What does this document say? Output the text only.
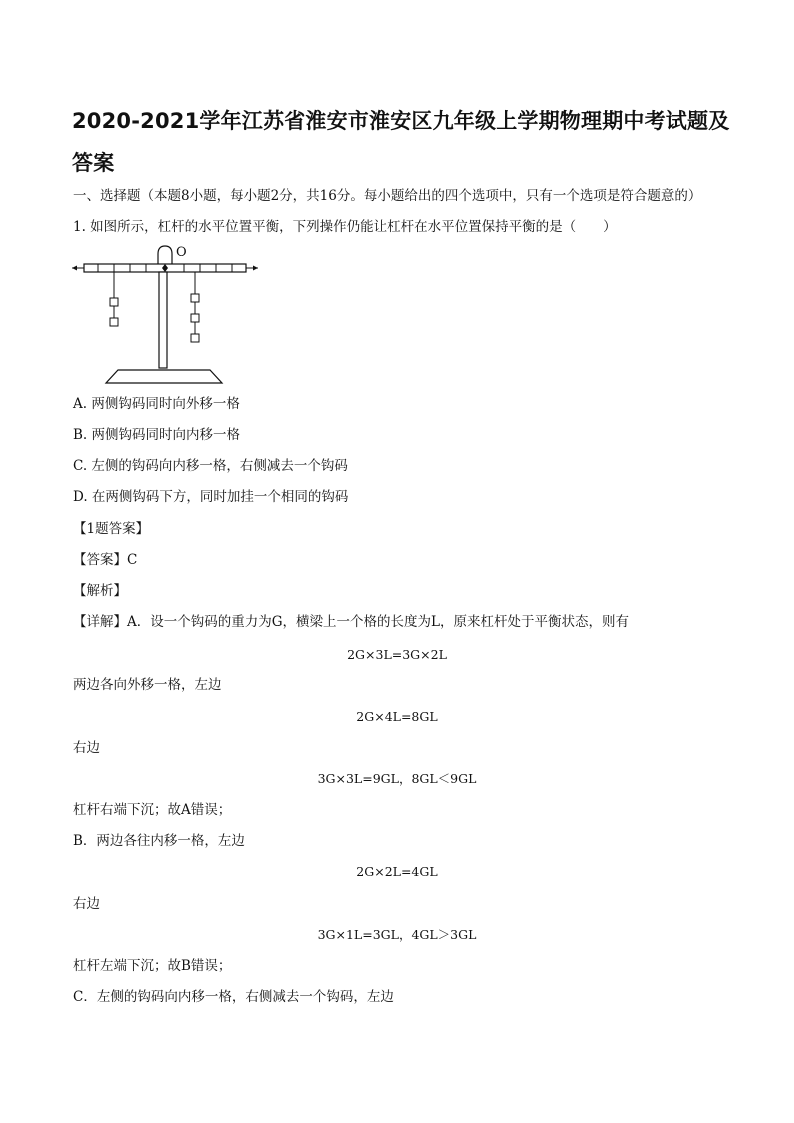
2020-2021学年江苏省淮安市淮安区九年级上学期物理期中考试题及答案
一、选择题（本题8小题，每小题2分，共16分。每小题给出的四个选项中，只有一个选项是符合题意的）
1. 如图所示，杠杆的水平位置平衡，下列操作仍能让杠杆在水平位置保持平衡的是（　　）
O
A. 两侧钩码同时向外移一格
B. 两侧钩码同时向内移一格
C. 左侧的钩码向内移一格，右侧减去一个钩码
D. 在两侧钩码下方，同时加挂一个相同的钩码
【1题答案】
【答案】C
【解析】
【详解】A．设一个钩码的重力为G，横梁上一个格的长度为L，原来杠杆处于平衡状态，则有
2G×3L=3G×2L
两边各向外移一格，左边
2G×4L=8GL
右边
3G×3L=9GL，8GL＜9GL
杠杆右端下沉；故A错误；
B．两边各往内移一格，左边
2G×2L=4GL
右边
3G×1L=3GL，4GL＞3GL
杠杆左端下沉；故B错误；
C．左侧的钩码向内移一格，右侧减去一个钩码，左边
